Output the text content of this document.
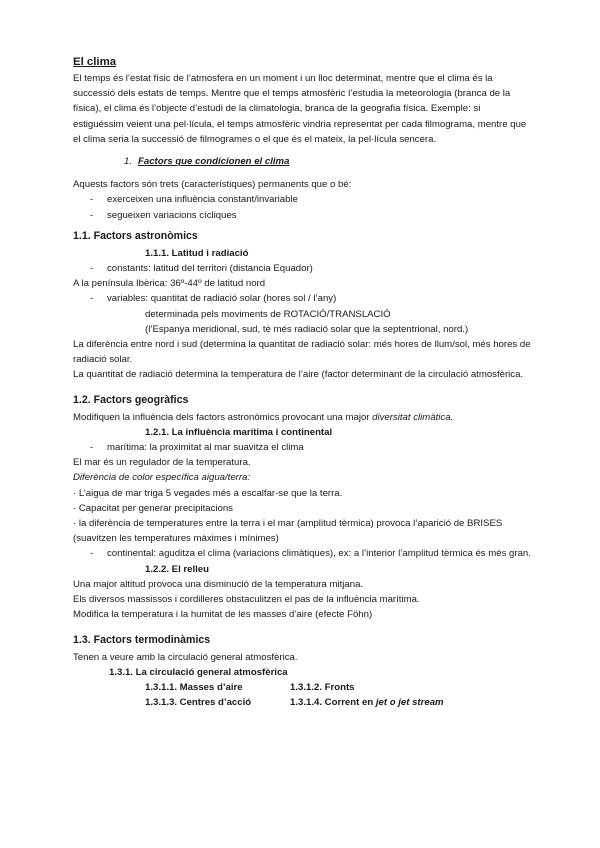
El clima

El temps és l’estat físic de l’atmosfera en un moment i un lloc determinat, mentre que el clima és la successió dels estats de temps. Mentre que el temps atmosfèric l’estudia la meteorologia (branca de la física), el clima és l’objecte d’estudi de la climatologia, branca de la geografia física. Exemple: si estiguéssim veient una pel·lícula, el temps atmosfèric vindria representat per cada filmograma, mentre que el clima seria la successió de filmogrames o el que és el mateix, la pel·lícula sencera.

1. Factors que condicionen el clima

Aquests factors són trets (característiques) permanents que o bé:

- exerceixen una influència constant/invariable

- segueixen variacions cícliques

1.1. Factors astronòmics

1.1.1. Latitud i radiació

- constants: latitud del territori (distancia Equador)

A la península Ibèrica: 36º-44º de latitud nord

- variables: quantitat de radiació solar (hores sol / l’any)

determinada pels moviments de ROTACIÓ/TRANSLACIÓ

(l’Espanya meridional, sud, té més radiació solar que la septentrional, nord.)

La diferència entre nord i sud (determina la quantitat de radiació solar: més hores de llum/sol, més hores de radiació solar.

La quantitat de radiació determina la temperatura de l’aire (factor determinant de la circulació atmosfèrica.

1.2. Factors geogràfics

Modifiquen la influència dels factors astronòmics provocant una major diversitat climàtica.

1.2.1. La influència marítima i continental

- marítima: la proximitat al mar suavitza el clima

El mar és un regulador de la temperatura.

Diferència de color específica aigua/terra:

· L’aigua de mar triga 5 vegades més a escalfar-se que la terra.

· Capacitat per generar precipitacions

· la diferència de temperatures entre la terra i el mar (amplitud tèrmica) provoca l’aparició de BRISES (suavitzen les temperatures màximes i mínimes)

- continental: aguditza el clima (variacions climàtiques), ex: a l’interior l’amplitud tèrmica és més gran.

1.2.2. El relleu

Una major altitud provoca una disminució de la temperatura mitjana.

Els diversos massissos i cordilleres obstaculitzen el pas de la influència marítima.

Modifica la temperatura i la humitat de les masses d’aire (efecte Föhn)

1.3. Factors termodinàmics

Tenen a veure amb la circulació general atmosfèrica.

1.3.1. La circulació general atmosfèrica

1.3.1.1. Masses d’aire	1.3.1.2. Fronts
1.3.1.3. Centres d’acció	1.3.1.4. Corrent en jet o jet stream
